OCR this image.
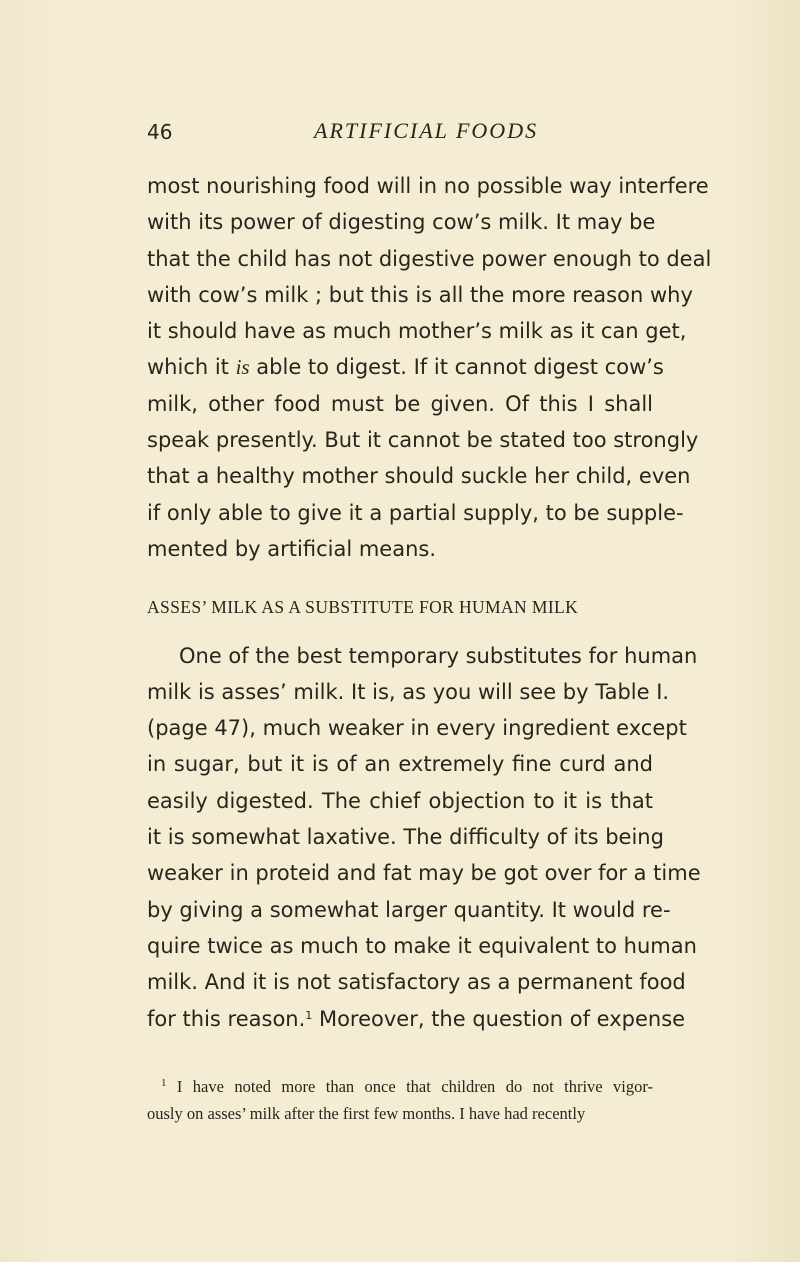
46	ARTIFICIAL FOODS
most nourishing food will in no possible way interfere
with its power of digesting cow’s milk. It may be
that the child has not digestive power enough to deal
with cow’s milk ; but this is all the more reason why
it should have as much mother’s milk as it can get,
which it is able to digest. If it cannot digest cow’s
milk, other food must be given. Of this I shall
speak presently. But it cannot be stated too strongly
that a healthy mother should suckle her child, even
if only able to give it a partial supply, to be supple-
mented by artificial means.
ASSES’ MILK AS A SUBSTITUTE FOR HUMAN MILK
One of the best temporary substitutes for human
milk is asses’ milk. It is, as you will see by Table I.
(page 47), much weaker in every ingredient except
in sugar, but it is of an extremely fine curd and
easily digested. The chief objection to it is that
it is somewhat laxative. The difficulty of its being
weaker in proteid and fat may be got over for a time
by giving a somewhat larger quantity. It would re-
quire twice as much to make it equivalent to human
milk. And it is not satisfactory as a permanent food
for this reason.$^1$ Moreover, the question of expense
$^1$ I have noted more than once that children do not thrive vigor-
ously on asses’ milk after the first few months. I have had recently
